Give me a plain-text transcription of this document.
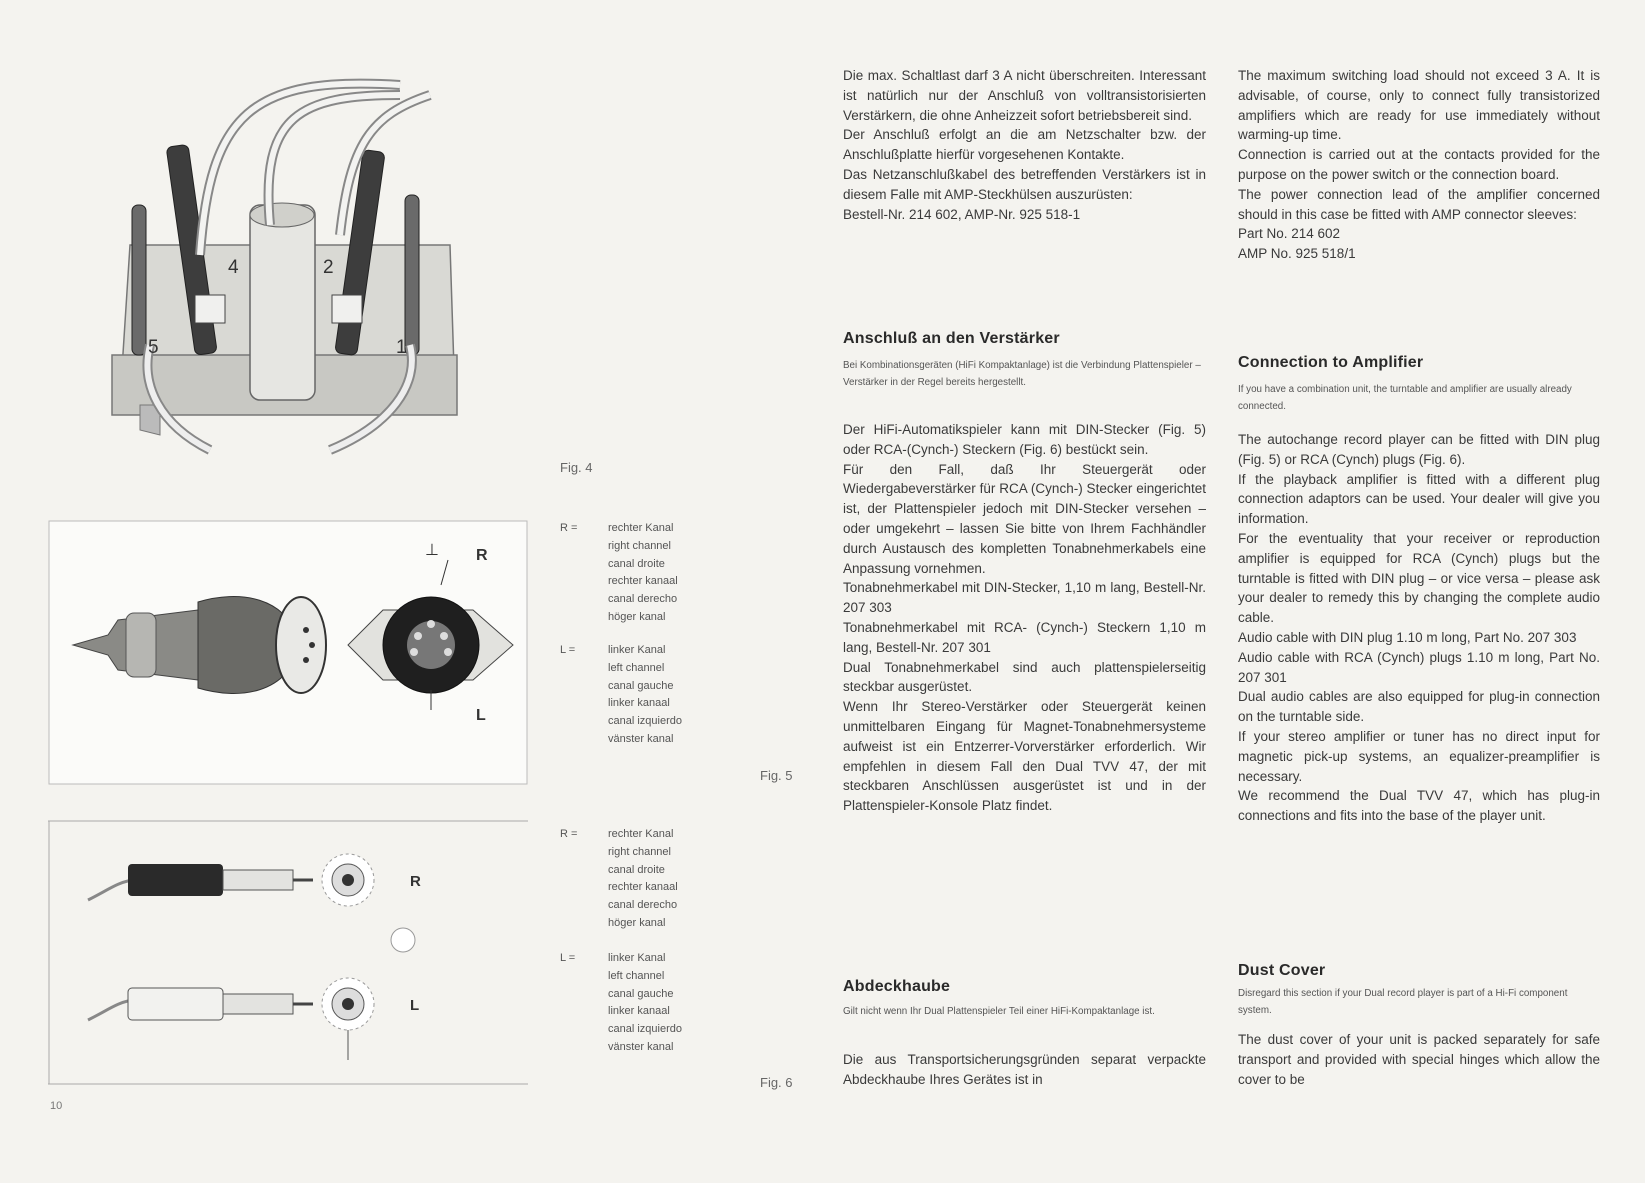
4	2
5	1
Fig. 4
⊥ R
L
Fig. 5
R =	rechter Kanal
right channel
canal droite
rechter kanaal
canal derecho
höger kanal
L =	linker Kanal
left channel
canal gauche
linker kanaal
canal izquierdo
vänster kanal
R
L
Fig. 6
R =	rechter Kanal
right channel
canal droite
rechter kanaal
canal derecho
höger kanal
L =	linker Kanal
left channel
canal gauche
linker kanaal
canal izquierdo
vänster kanal
10

Die max. Schaltlast darf 3 A nicht überschreiten. Interessant ist natürlich nur der Anschluß von volltransistorisierten Verstärkern, die ohne Anheizzeit sofort betriebsbereit sind.

Der Anschluß erfolgt an die am Netzschalter bzw. der Anschlußplatte hierfür vorgesehenen Kontakte.

Das Netzanschlußkabel des betreffenden Verstärkers ist in diesem Falle mit AMP-Steckhülsen auszurüsten:

Bestell-Nr. 214 602, AMP-Nr. 925 518-1

Anschluß an den Verstärker
Bei Kombinationsgeräten (HiFi Kompaktanlage) ist die Verbindung Plattenspieler – Verstärker in der Regel bereits hergestellt.

Der HiFi-Automatikspieler kann mit DIN-Stecker (Fig. 5) oder RCA-(Cynch-) Steckern (Fig. 6) bestückt sein.

Für den Fall, daß Ihr Steuergerät oder Wiedergabeverstärker für RCA (Cynch-) Stecker eingerichtet ist, der Plattenspieler jedoch mit DIN-Stecker versehen – oder umgekehrt – lassen Sie bitte von Ihrem Fachhändler durch Austausch des kompletten Tonabnehmerkabels eine Anpassung vornehmen.

Tonabnehmerkabel mit DIN-Stecker, 1,10 m lang, Bestell-Nr. 207 303

Tonabnehmerkabel mit RCA- (Cynch-) Steckern 1,10 m lang, Bestell-Nr. 207 301

Dual Tonabnehmerkabel sind auch plattenspielerseitig steckbar ausgerüstet.

Wenn Ihr Stereo-Verstärker oder Steuergerät keinen unmittelbaren Eingang für Magnet-Tonabnehmersysteme aufweist ist ein Entzerrer-Vorverstärker erforderlich. Wir empfehlen in diesem Fall den Dual TVV 47, der mit steckbaren Anschlüssen ausgerüstet ist und in der Plattenspieler-Konsole Platz findet.

Abdeckhaube
Gilt nicht wenn Ihr Dual Plattenspieler Teil einer HiFi-Kompaktanlage ist.
Die aus Transportsicherungsgründen separat verpackte Abdeckhaube Ihres Gerätes ist in

The maximum switching load should not exceed 3 A. It is advisable, of course, only to connect fully transistorized amplifiers which are ready for use immediately without warming-up time.

Connection is carried out at the contacts provided for the purpose on the power switch or the connection board.

The power connection lead of the amplifier concerned should in this case be fitted with AMP connector sleeves:

Part No. 214 602

AMP No. 925 518/1

Connection to Amplifier
If you have a combination unit, the turntable and amplifier are usually already connected.

The autochange record player can be fitted with DIN plug (Fig. 5) or RCA (Cynch) plugs (Fig. 6).

If the playback amplifier is fitted with a different plug connection adaptors can be used. Your dealer will give you information.

For the eventuality that your receiver or reproduction amplifier is equipped for RCA (Cynch) plugs but the turntable is fitted with DIN plug – or vice versa – please ask your dealer to remedy this by changing the complete audio cable.

Audio cable with DIN plug 1.10 m long, Part No. 207 303

Audio cable with RCA (Cynch) plugs 1.10 m long, Part No. 207 301

Dual audio cables are also equipped for plug-in connection on the turntable side.

If your stereo amplifier or tuner has no direct input for magnetic pick-up systems, an equalizer-preamplifier is necessary.

We recommend the Dual TVV 47, which has plug-in connections and fits into the base of the player unit.

Dust Cover
Disregard this section if your Dual record player is part of a Hi-Fi component system.
The dust cover of your unit is packed separately for safe transport and provided with special hinges which allow the cover to be
